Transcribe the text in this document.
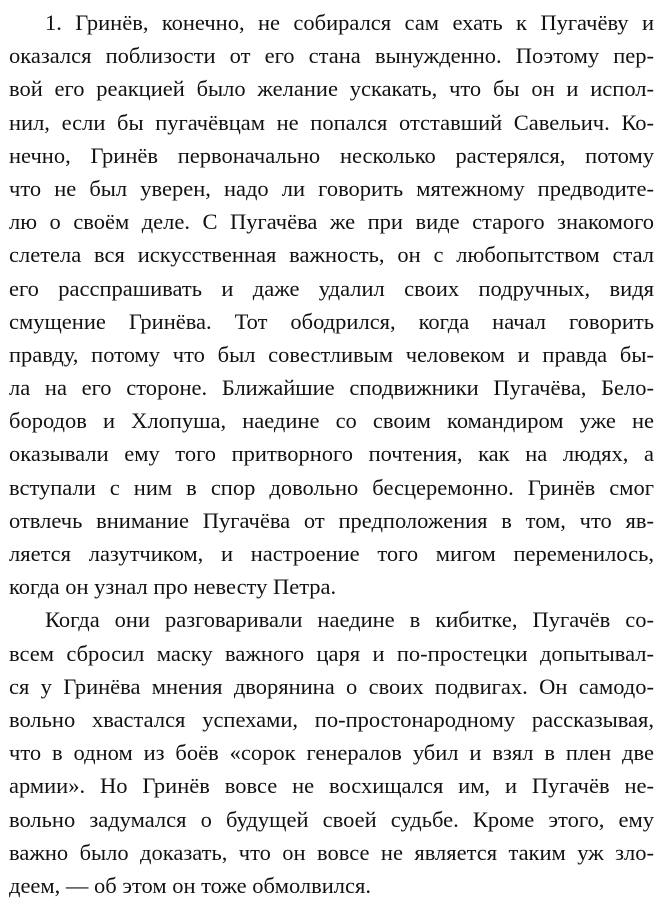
1. Гринёв, конечно, не собирался сам ехать к Пугачёву и
оказался поблизости от его стана вынужденно. Поэтому пер-
вой его реакцией было желание ускакать, что бы он и испол-
нил, если бы пугачёвцам не попался отставший Савельич. Ко-
нечно, Гринёв первоначально несколько растерялся, потому
что не был уверен, надо ли говорить мятежному предводите-
лю о своём деле. С Пугачёва же при виде старого знакомого
слетела вся искусственная важность, он с любопытством стал
его расспрашивать и даже удалил своих подручных, видя
смущение Гринёва. Тот ободрился, когда начал говорить
правду, потому что был совестливым человеком и правда бы-
ла на его стороне. Ближайшие сподвижники Пугачёва, Бело-
бородов и Хлопуша, наедине со своим командиром уже не
оказывали ему того притворного почтения, как на людях, а
вступали с ним в спор довольно бесцеремонно. Гринёв смог
отвлечь внимание Пугачёва от предположения в том, что яв-
ляется лазутчиком, и настроение того мигом переменилось,
когда он узнал про невесту Петра.
Когда они разговаривали наедине в кибитке, Пугачёв со-
всем сбросил маску важного царя и по-простецки допытывал-
ся у Гринёва мнения дворянина о своих подвигах. Он самодо-
вольно хвастался успехами, по-простонародному рассказывая,
что в одном из боёв «сорок генералов убил и взял в плен две
армии». Но Гринёв вовсе не восхищался им, и Пугачёв не-
вольно задумался о будущей своей судьбе. Кроме этого, ему
важно было доказать, что он вовсе не является таким уж зло-
деем, — об этом он тоже обмолвился.
